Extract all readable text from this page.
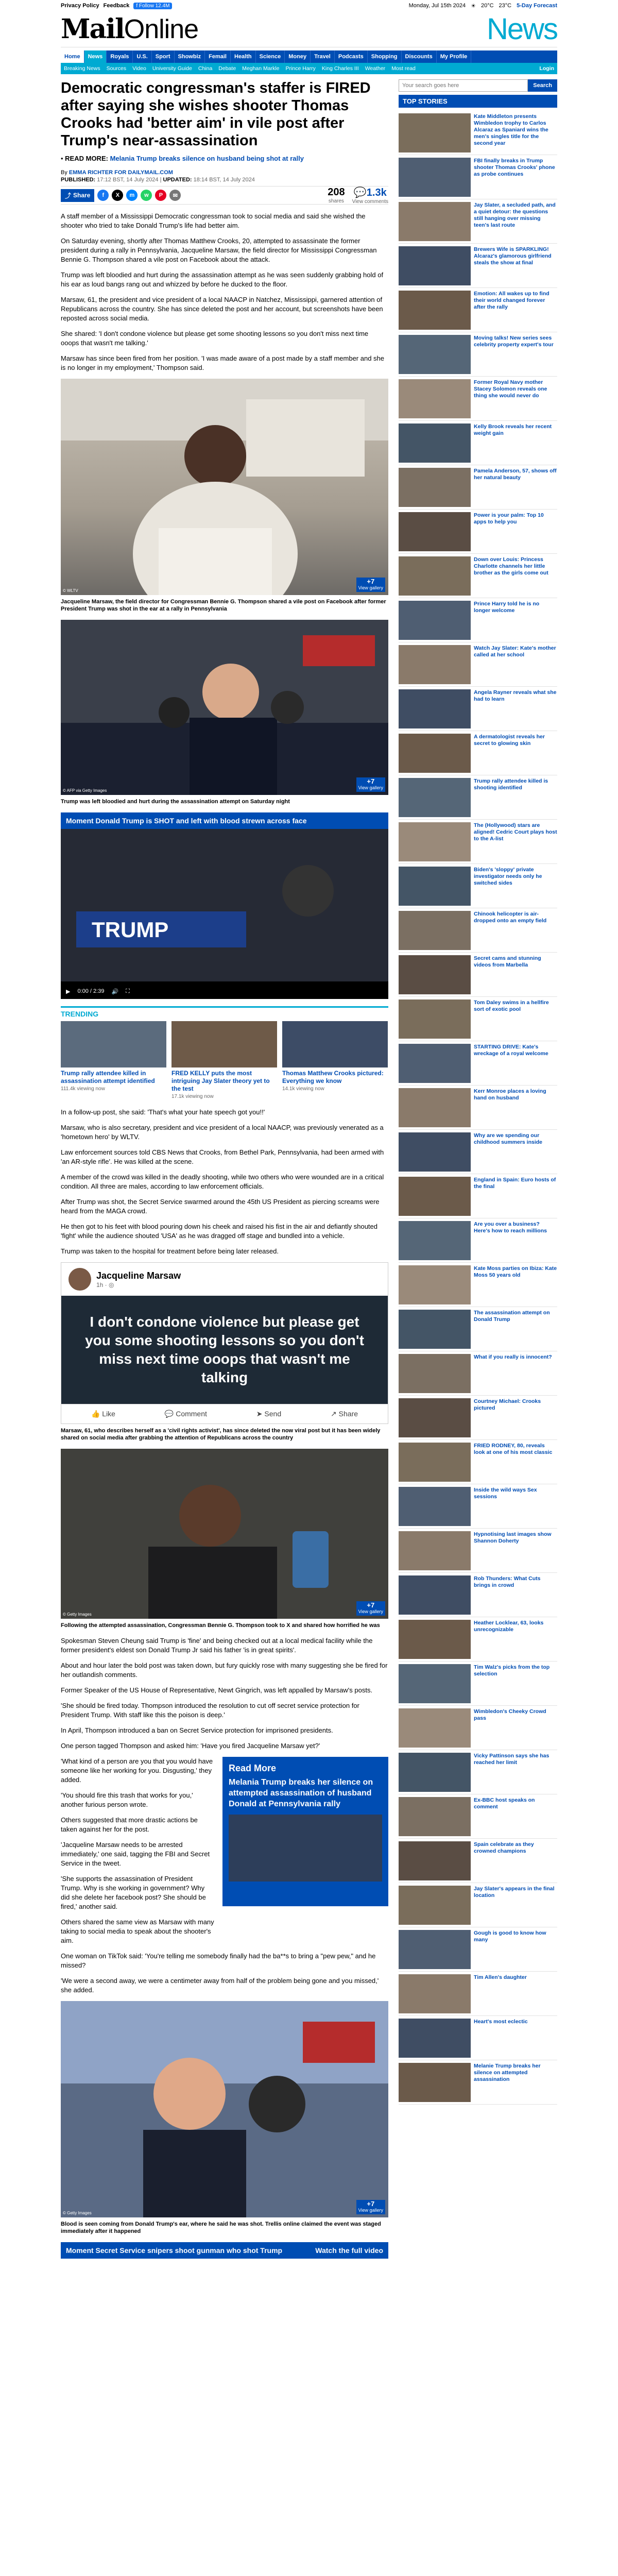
Privacy Policy Feedback	f Follow 12.4M	Monday, Jul 15th 2024 ☀ 20°C 23°C 5-Day Forecast
MailOnline	News
Home	News	Royals	U.S.	Sport	Showbiz	Femail	Health	Science	Money	Travel	Podcasts	Shopping	Discounts	My Profile
Breaking News	Sources	Video	University Guide	China	Debate	Meghan Markle	Prince Harry	King Charles III	Weather	Most read	Login
Democratic congressman's staffer is FIRED after saying she wishes shooter Thomas Crooks had 'better aim' in vile post after Trump's near-assassination
• READ MORE: Melania Trump breaks silence on husband being shot at rally
By EMMA RICHTER FOR DAILYMAIL.COM
PUBLISHED: 17:12 BST, 14 July 2024 | UPDATED: 18:14 BST, 14 July 2024
⤴ Share	f	X	m	w	P	✉	208
shares
💬1.3k
View comments

A staff member of a Mississippi Democratic congressman took to social media and said she wished the shooter who tried to take Donald Trump's life had better aim.

On Saturday evening, shortly after Thomas Matthew Crooks, 20, attempted to assassinate the former president during a rally in Pennsylvania, Jacqueline Marsaw, the field director for Mississippi Congressman Bennie G. Thompson shared a vile post on Facebook about the attack.

Trump was left bloodied and hurt during the assassination attempt as he was seen suddenly grabbing hold of his ear as loud bangs rang out and whizzed by before he ducked to the floor.

Marsaw, 61, the president and vice president of a local NAACP in Natchez, Mississippi, garnered attention of Republicans across the country. She has since deleted the post and her account, but screenshots have been reposted across social media.

She shared: 'I don't condone violence but please get some shooting lessons so you don't miss next time ooops that wasn't me talking.'

Marsaw has since been fired from her position. 'I was made aware of a post made by a staff member and she is no longer in my employment,' Thompson said.

© WLTV
+7
View gallery
Jacqueline Marsaw, the field director for Congressman Bennie G. Thompson shared a vile post on Facebook after former President Trump was shot in the ear at a rally in Pennsylvania
© AFP via Getty Images
+7
View gallery
Trump was left bloodied and hurt during the assassination attempt on Saturday night
Moment Donald Trump is SHOT and left with blood strewn across face
TRUMP
▶ 0:00 / 2:39 🔊 ⛶
TRENDING
Trump rally attendee killed in assassination attempt identified
111.4k viewing now
FRED KELLY puts the most intriguing Jay Slater theory yet to the test
17.1k viewing now
Thomas Matthew Crooks pictured: Everything we know
14.1k viewing now

In a follow-up post, she said: 'That's what your hate speech got you!!'

Marsaw, who is also secretary, president and vice president of a local NAACP, was previously venerated as a 'hometown hero' by WLTV.

Law enforcement sources told CBS News that Crooks, from Bethel Park, Pennsylvania, had been armed with 'an AR-style rifle'. He was killed at the scene.

A member of the crowd was killed in the deadly shooting, while two others who were wounded are in a critical condition. All three are males, according to law enforcement officials.

After Trump was shot, the Secret Service swarmed around the 45th US President as piercing screams were heard from the MAGA crowd.

He then got to his feet with blood pouring down his cheek and raised his fist in the air and defiantly shouted 'fight' while the audience shouted 'USA' as he was dragged off stage and bundled into a vehicle.

Trump was taken to the hospital for treatment before being later released.

Jacqueline Marsaw
1h · ◎
I don't condone violence but please get you some shooting lessons so you don't miss next time ooops that wasn't me talking
👍 Like	💬 Comment	➤ Send	↗ Share
Marsaw, 61, who describes herself as a 'civil rights activist', has since deleted the now viral post but it has been widely shared on social media after grabbing the attention of Republicans across the country
© Getty Images
+7
View gallery
Following the attempted assassination, Congressman Bennie G. Thompson took to X and shared how horrified he was

Spokesman Steven Cheung said Trump is 'fine' and being checked out at a local medical facility while the former president's eldest son Donald Trump Jr said his father 'is in great spirits'.

About and hour later the bold post was taken down, but fury quickly rose with many suggesting she be fired for her outlandish comments.

Former Speaker of the US House of Representative, Newt Gingrich, was left appalled by Marsaw's posts.

'She should be fired today. Thompson introduced the resolution to cut off secret service protection for President Trump. With staff like this the poison is deep.'

In April, Thompson introduced a ban on Secret Service protection for imprisoned presidents.

One person tagged Thompson and asked him: 'Have you fired Jacqueline Marsaw yet?'

'What kind of a person are you that you would have someone like her working for you. Disgusting,' they added.

'You should fire this trash that works for you,' another furious person wrote.

Others suggested that more drastic actions be taken against her for the post.

'Jacqueline Marsaw needs to be arrested immediately,' one said, tagging the FBI and Secret Service in the tweet.

'She supports the assassination of President Trump. Why is she working in government? Why did she delete her facebook post? She should be fired,' another said.

Others shared the same view as Marsaw with many taking to social media to speak about the shooter's aim.

Read More
Melania Trump breaks her silence on attempted assassination of husband Donald at Pennsylvania rally

One woman on TikTok said: 'You're telling me somebody finally had the ba**s to bring a "pew pew," and he missed?

'We were a second away, we were a centimeter away from half of the problem being gone and you missed,' she added.

© Getty Images
+7
View gallery
Blood is seen coming from Donald Trump's ear, where he said he was shot. Trellis online claimed the event was staged immediately after it happened
Moment Secret Service snipers shoot gunman who shot Trump	Watch the full video
Your search goes here
Search
TOP STORIES
Kate Middleton presents Wimbledon trophy to Carlos Alcaraz as Spaniard wins the men's singles title for the second year
FBI finally breaks in Trump shooter Thomas Crooks' phone as probe continues
Jay Slater, a secluded path, and a quiet detour: the questions still hanging over missing teen's last route
Brewers Wife is SPARKLING! Alcaraz's glamorous girlfriend steals the show at final
Emotion: All wakes up to find their world changed forever after the rally
Moving talks! New series sees celebrity property expert's tour
Former Royal Navy mother Stacey Solomon reveals one thing she would never do
Kelly Brook reveals her recent weight gain
Pamela Anderson, 57, shows off her natural beauty
Power is your palm: Top 10 apps to help you
Down over Louis: Princess Charlotte channels her little brother as the girls come out
Prince Harry told he is no longer welcome
Watch Jay Slater: Kate's mother called at her school
Angela Rayner reveals what she had to learn
A dermatologist reveals her secret to glowing skin
Trump rally attendee killed is shooting identified
The (Hollywood) stars are aligned! Cedric Court plays host to the A-list
Biden's 'sloppy' private investigator needs only he switched sides
Chinook helicopter is air-dropped onto an empty field
Secret cams and stunning videos from Marbella
Tom Daley swims in a hellfire sort of exotic pool
STARTING DRIVE: Kate's wreckage of a royal welcome
Kerr Monroe places a loving hand on husband
Why are we spending our childhood summers inside
England in Spain: Euro hosts of the final
Are you over a business? Here's how to reach millions
Kate Moss parties on Ibiza: Kate Moss 50 years old
The assassination attempt on Donald Trump
What if you really is innocent?
Courtney Michael: Crooks pictured
FRIED RODNEY, 80, reveals look at one of his most classic
Inside the wild ways Sex sessions
Hypnotising last images show Shannon Doherty
Rob Thunders: What Cuts brings in crowd
Heather Locklear, 63, looks unrecognizable
Tim Walz's picks from the top selection
Wimbledon's Cheeky Crowd pass
Vicky Pattinson says she has reached her limit
Ex-BBC host speaks on comment
Spain celebrate as they crowned champions
Jay Slater's appears in the final location
Gough is good to know how many
Tim Allen's daughter
Heart's most eclectic
Melanie Trump breaks her silence on attempted assassination
